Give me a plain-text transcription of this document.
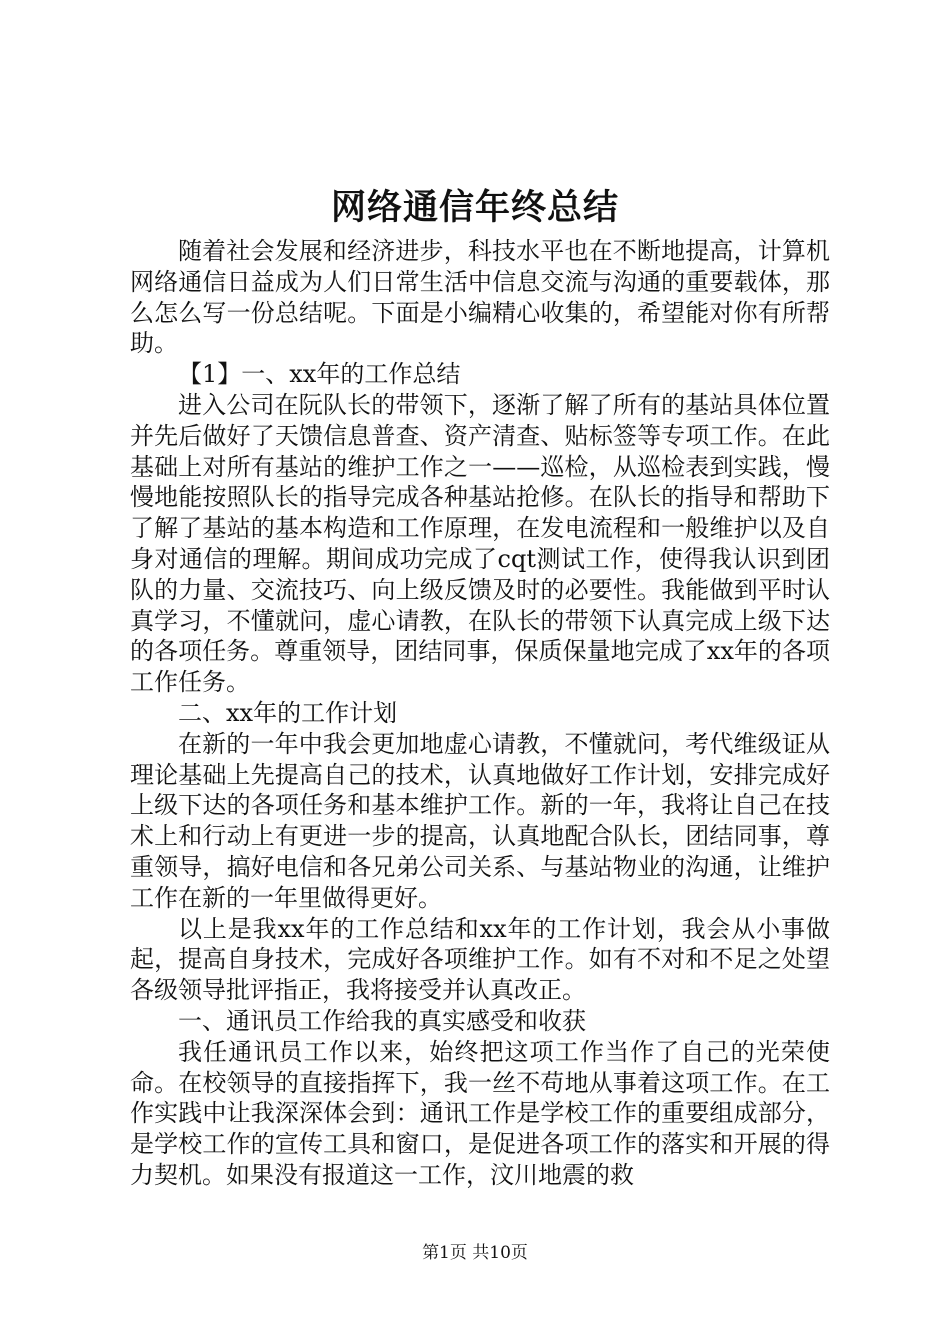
网络通信年终总结

随着社会发展和经济进步，科技水平也在不断地提高，计算机网络通信日益成为人们日常生活中信息交流与沟通的重要载体，那么怎么写一份总结呢。下面是小编精心收集的，希望能对你有所帮助。

【1】一、xx年的工作总结

进入公司在阮队长的带领下，逐渐了解了所有的基站具体位置并先后做好了天馈信息普查、资产清查、贴标签等专项工作。在此基础上对所有基站的维护工作之一——巡检，从巡检表到实践，慢慢地能按照队长的指导完成各种基站抢修。在队长的指导和帮助下了解了基站的基本构造和工作原理，在发电流程和一般维护以及自身对通信的理解。期间成功完成了cqt测试工作，使得我认识到团队的力量、交流技巧、向上级反馈及时的必要性。我能做到平时认真学习，不懂就问，虚心请教，在队长的带领下认真完成上级下达的各项任务。尊重领导，团结同事，保质保量地完成了xx年的各项工作任务。

二、xx年的工作计划

在新的一年中我会更加地虚心请教，不懂就问，考代维级证从理论基础上先提高自己的技术，认真地做好工作计划，安排完成好上级下达的各项任务和基本维护工作。新的一年，我将让自己在技术上和行动上有更进一步的提高，认真地配合队长，团结同事，尊重领导，搞好电信和各兄弟公司关系、与基站物业的沟通，让维护工作在新的一年里做得更好。

以上是我xx年的工作总结和xx年的工作计划，我会从小事做起，提高自身技术，完成好各项维护工作。如有不对和不足之处望各级领导批评指正，我将接受并认真改正。

一、通讯员工作给我的真实感受和收获

我任通讯员工作以来，始终把这项工作当作了自己的光荣使命。在校领导的直接指挥下，我一丝不苟地从事着这项工作。在工作实践中让我深深体会到：通讯工作是学校工作的重要组成部分，是学校工作的宣传工具和窗口，是促进各项工作的落实和开展的得力契机。如果没有报道这一工作，汶川地震的救

第1页 共10页
